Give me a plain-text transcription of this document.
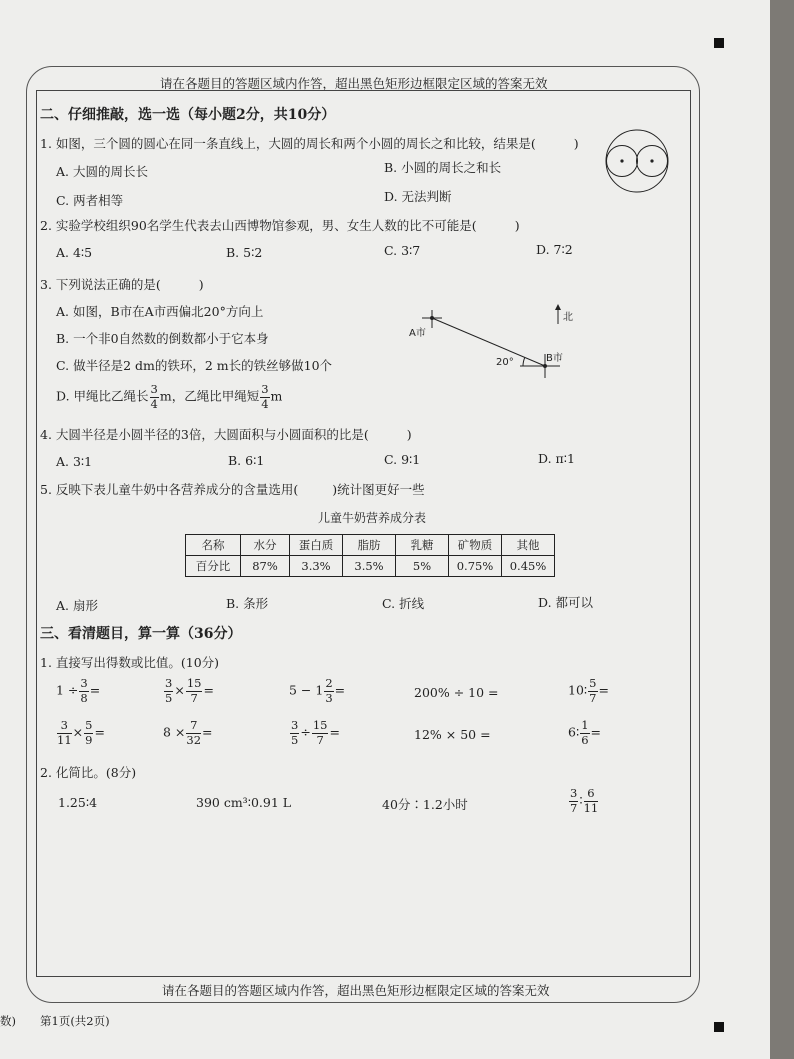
请在各题目的答题区域内作答，超出黑色矩形边框限定区域的答案无效
二、仔细推敲，选一选（每小题2分，共10分）
1. 如图，三个圆的圆心在同一条直线上，大圆的周长和两个小圆的周长之和比较，结果是(	)
A. 大圆的周长长	B. 小圆的周长之和长
C. 两者相等	D. 无法判断
2. 实验学校组织90名学生代表去山西博物馆参观，男、女生人数的比不可能是(	)
A. 4∶5	B. 5∶2	C. 3∶7	D. 7∶2
3. 下列说法正确的是(	)
A. 如图，B市在A市西偏北20°方向上
B. 一个非0自然数的倒数都小于它本身
C. 做半径是2 dm的铁环，2 m长的铁丝够做10个
D. 甲绳比乙绳长 $\frac{3}{4}$ m，乙绳比甲绳短 $\frac{3}{4}$ m
A市
B市
20°
北
4. 大圆半径是小圆半径的3倍，大圆面积与小圆面积的比是(	)
A. 3∶1	B. 6∶1	C. 9∶1	D. π∶1
5. 反映下表儿童牛奶中各营养成分的含量选用(	)统计图更好一些
儿童牛奶营养成分表
名称	水分	蛋白质	脂肪	乳糖	矿物质	其他
百分比	87%	3.3%	3.5%	5%	0.75%	0.45%
A. 扇形	B. 条形	C. 折线	D. 都可以
三、看清题目，算一算（36分）
1. 直接写出得数或比值。(10分)
$1 \div \frac{3}{8}$ =	$\frac{3}{5} \times \frac{15}{7}$ =	$5 - 1 \frac{2}{3}$ =	200% ÷ 10 =	10∶ $\frac{5}{7}$ =
$\frac{3}{11} \times \frac{5}{9}$ =	$8 \times \frac{7}{32}$ =	$\frac{3}{5} \div \frac{15}{7}$ =	12% × 50 =	6∶ $\frac{1}{6}$ =
2. 化简比。(8分)
1.25∶4	390 cm³∶0.91 L	40分∶1.2小时	$\frac{3}{7}$ ∶ $\frac{6}{11}$
请在各题目的答题区域内作答，超出黑色矩形边框限定区域的答案无效
数) 第1页(共2页)
